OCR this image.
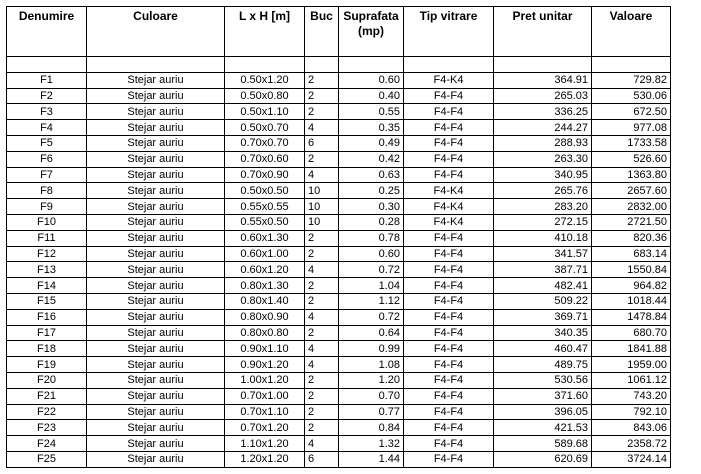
Denumire	Culoare	L x H [m]	Buc	Suprafata (mp)	Tip vitrare	Pret unitar	Valoare

F1	Stejar auriu	0.50x1.20	2	0.60	F4-K4	364.91	729.82
F2	Stejar auriu	0.50x0.80	2	0.40	F4-F4	265.03	530.06
F3	Stejar auriu	0.50x1.10	2	0.55	F4-F4	336.25	672.50
F4	Stejar auriu	0.50x0.70	4	0.35	F4-F4	244.27	977.08
F5	Stejar auriu	0.70x0.70	6	0.49	F4-F4	288.93	1733.58
F6	Stejar auriu	0.70x0.60	2	0.42	F4-F4	263.30	526.60
F7	Stejar auriu	0.70x0.90	4	0.63	F4-F4	340.95	1363.80
F8	Stejar auriu	0.50x0.50	10	0.25	F4-K4	265.76	2657.60
F9	Stejar auriu	0.55x0.55	10	0.30	F4-K4	283.20	2832.00
F10	Stejar auriu	0.55x0.50	10	0.28	F4-K4	272.15	2721.50
F11	Stejar auriu	0.60x1.30	2	0.78	F4-F4	410.18	820.36
F12	Stejar auriu	0.60x1.00	2	0.60	F4-F4	341.57	683.14
F13	Stejar auriu	0.60x1.20	4	0.72	F4-F4	387.71	1550.84
F14	Stejar auriu	0.80x1.30	2	1.04	F4-F4	482.41	964.82
F15	Stejar auriu	0.80x1.40	2	1.12	F4-F4	509.22	1018.44
F16	Stejar auriu	0.80x0.90	4	0.72	F4-F4	369.71	1478.84
F17	Stejar auriu	0.80x0.80	2	0.64	F4-F4	340.35	680.70
F18	Stejar auriu	0.90x1.10	4	0.99	F4-F4	460.47	1841.88
F19	Stejar auriu	0.90x1.20	4	1.08	F4-F4	489.75	1959.00
F20	Stejar auriu	1.00x1.20	2	1.20	F4-F4	530.56	1061.12
F21	Stejar auriu	0.70x1.00	2	0.70	F4-F4	371.60	743.20
F22	Stejar auriu	0.70x1.10	2	0.77	F4-F4	396.05	792.10
F23	Stejar auriu	0.70x1.20	2	0.84	F4-F4	421.53	843.06
F24	Stejar auriu	1.10x1.20	4	1.32	F4-F4	589.68	2358.72
F25	Stejar auriu	1.20x1.20	6	1.44	F4-F4	620.69	3724.14
